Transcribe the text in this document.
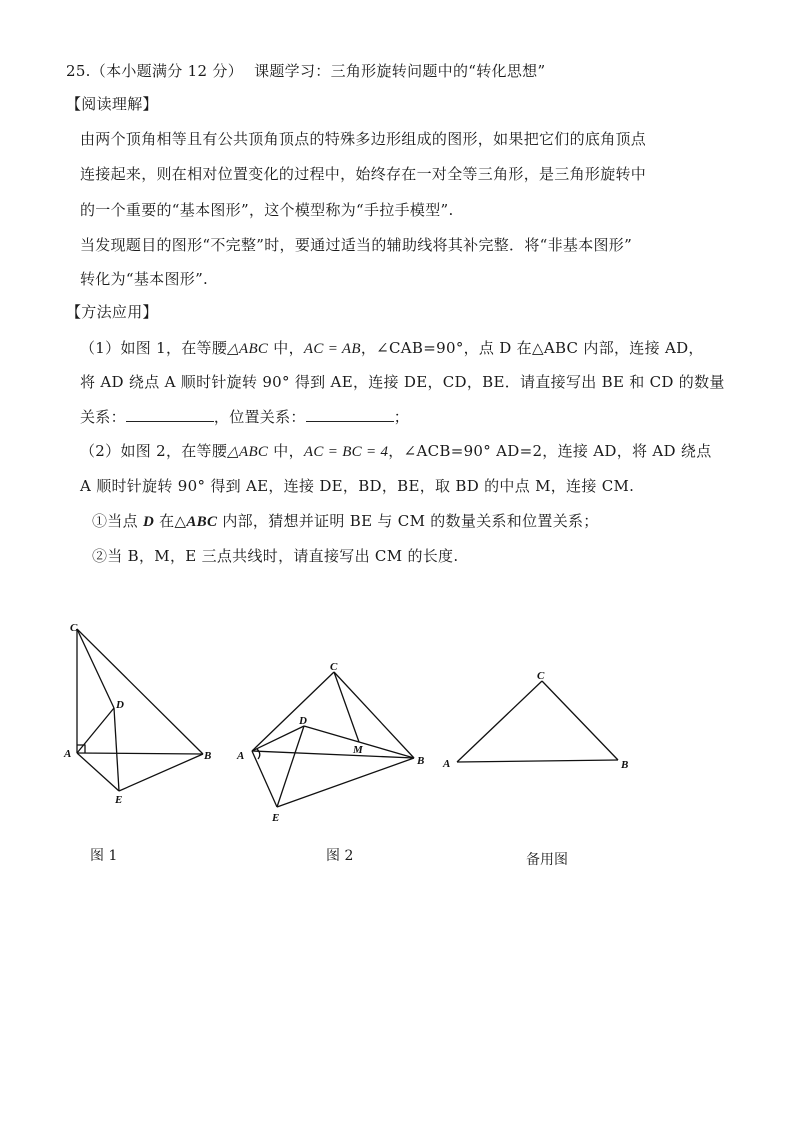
25.（本小题满分 12 分） 课题学习：三角形旋转问题中的“转化思想”
【阅读理解】
由两个顶角相等且有公共顶角顶点的特殊多边形组成的图形，如果把它们的底角顶点
连接起来，则在相对位置变化的过程中，始终存在一对全等三角形，是三角形旋转中
的一个重要的“基本图形”，这个模型称为“手拉手模型”.
当发现题目的图形“不完整”时，要通过适当的辅助线将其补完整．将“非基本图形”
转化为“基本图形”.
【方法应用】
（1）如图 1，在等腰△ABC 中，AC = AB，∠CAB=90°，点 D 在△ABC 内部，连接 AD，
将 AD 绕点 A 顺时针旋转 90° 得到 AE，连接 DE，CD，BE．请直接写出 BE 和 CD 的数量
关系：	，位置关系：	；
（2）如图 2，在等腰△ABC 中，AC = BC = 4，∠ACB=90° AD=2，连接 AD，将 AD 绕点
A 顺时针旋转 90° 得到 AE，连接 DE，BD，BE，取 BD 的中点 M，连接 CM.
①当点 D 在△ABC 内部，猜想并证明 BE 与 CM 的数量关系和位置关系；
②当 B，M，E 三点共线时，请直接写出 CM 的长度.
C
A	B
D
E
图 1
C
A	B
D
M
E
图 2
C
A	B
备用图
